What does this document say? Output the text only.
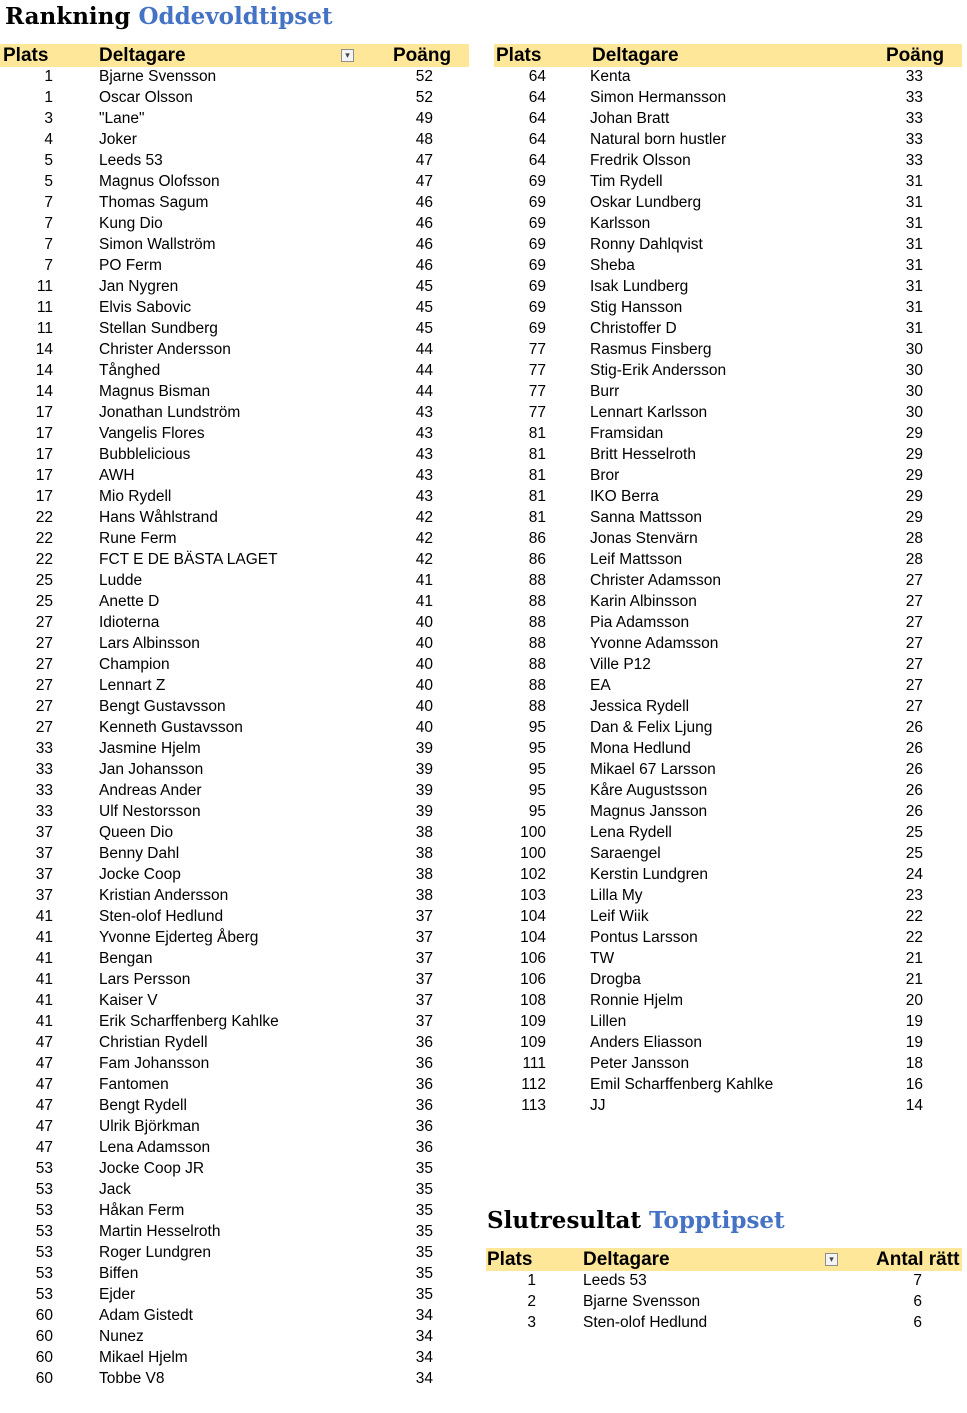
Rankning Oddevoldtipset
Plats	Deltagare	▾ Poäng
1	Bjarne Svensson	52
1	Oscar Olsson	52
3	"Lane"	49
4	Joker	48
5	Leeds 53	47
5	Magnus Olofsson	47
7	Thomas Sagum	46
7	Kung Dio	46
7	Simon Wallström	46
7	PO Ferm	46
11	Jan Nygren	45
11	Elvis Sabovic	45
11	Stellan Sundberg	45
14	Christer Andersson	44
14	Tånghed	44
14	Magnus Bisman	44
17	Jonathan Lundström	43
17	Vangelis Flores	43
17	Bubblelicious	43
17	AWH	43
17	Mio Rydell	43
22	Hans Wåhlstrand	42
22	Rune Ferm	42
22	FCT E DE BÄSTA LAGET	42
25	Ludde	41
25	Anette D	41
27	Idioterna	40
27	Lars Albinsson	40
27	Champion	40
27	Lennart Z	40
27	Bengt Gustavsson	40
27	Kenneth Gustavsson	40
33	Jasmine Hjelm	39
33	Jan Johansson	39
33	Andreas Ander	39
33	Ulf Nestorsson	39
37	Queen Dio	38
37	Benny Dahl	38
37	Jocke Coop	38
37	Kristian Andersson	38
41	Sten-olof Hedlund	37
41	Yvonne Ejderteg Åberg	37
41	Bengan	37
41	Lars Persson	37
41	Kaiser V	37
41	Erik Scharffenberg Kahlke	37
47	Christian Rydell	36
47	Fam Johansson	36
47	Fantomen	36
47	Bengt Rydell	36
47	Ulrik Björkman	36
47	Lena Adamsson	36
53	Jocke Coop JR	35
53	Jack	35
53	Håkan Ferm	35
53	Martin Hesselroth	35
53	Roger Lundgren	35
53	Biffen	35
53	Ejder	35
60	Adam Gistedt	34
60	Nunez	34
60	Mikael Hjelm	34
60	Tobbe V8	34
Plats	Deltagare	Poäng
64	Kenta	33
64	Simon Hermansson	33
64	Johan Bratt	33
64	Natural born hustler	33
64	Fredrik Olsson	33
69	Tim Rydell	31
69	Oskar Lundberg	31
69	Karlsson	31
69	Ronny Dahlqvist	31
69	Sheba	31
69	Isak Lundberg	31
69	Stig Hansson	31
69	Christoffer D	31
77	Rasmus Finsberg	30
77	Stig-Erik Andersson	30
77	Burr	30
77	Lennart Karlsson	30
81	Framsidan	29
81	Britt Hesselroth	29
81	Bror	29
81	IKO Berra	29
81	Sanna Mattsson	29
86	Jonas Stenvärn	28
86	Leif Mattsson	28
88	Christer Adamsson	27
88	Karin Albinsson	27
88	Pia Adamsson	27
88	Yvonne Adamsson	27
88	Ville P12	27
88	EA	27
88	Jessica Rydell	27
95	Dan & Felix Ljung	26
95	Mona Hedlund	26
95	Mikael 67 Larsson	26
95	Kåre Augustsson	26
95	Magnus Jansson	26
100	Lena Rydell	25
100	Saraengel	25
102	Kerstin Lundgren	24
103	Lilla My	23
104	Leif Wiik	22
104	Pontus Larsson	22
106	TW	21
106	Drogba	21
108	Ronnie Hjelm	20
109	Lillen	19
109	Anders Eliasson	19
111	Peter Jansson	18
112	Emil Scharffenberg Kahlke	16
113	JJ	14
Slutresultat Topptipset
Plats	Deltagare	▾ Antal rätt
1	Leeds 53	7
2	Bjarne Svensson	6
3	Sten-olof Hedlund	6
